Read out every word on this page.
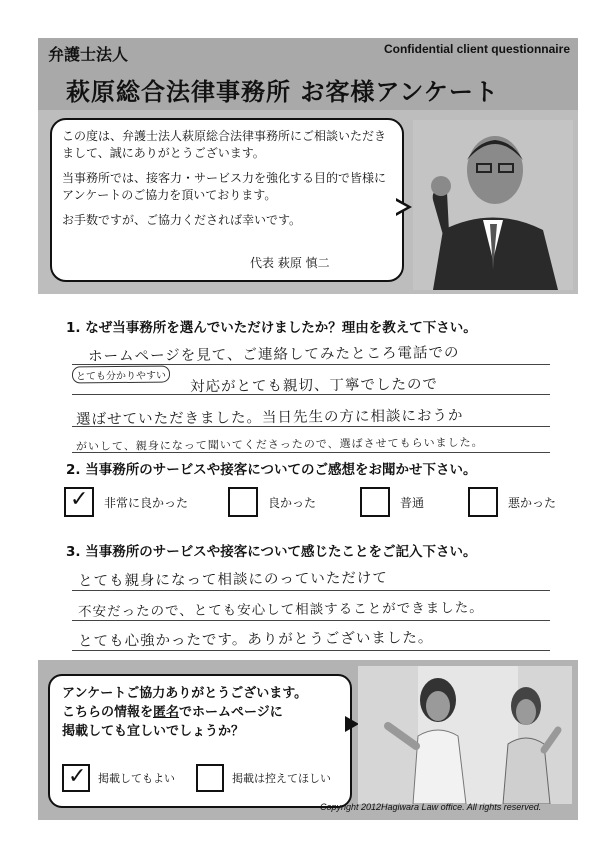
弁護士法人	Confidential client questionnaire
萩原総合法律事務所 お客様アンケート

この度は、弁護士法人萩原総合法律事務所にご相談いただきまして、誠にありがとうございます。

当事務所では、接客力・サービス力を強化する目的で皆様にアンケートのご協力を頂いております。

お手数ですが、ご協力くだされば幸いです。

代表 萩原 慎二
1. なぜ当事務所を選んでいただけましたか？理由を教えて下さい。
ホームページを見て、ご連絡してみたところ電話での
とても分かりやすい
対応がとても親切、丁寧でしたので
選ばせていただきました。当日先生の方に相談におうか
がいして、親身になって聞いてくださったので、選ばさせてもらいました。
2. 当事務所のサービスや接客についてのご感想をお聞かせ下さい。
✓ 非常に良かった	良かった	普通	悪かった
3. 当事務所のサービスや接客について感じたことをご記入下さい。
とても親身になって相談にのっていただけて
不安だったので、とても安心して相談することができました。
とても心強かったです。ありがとうございました。
アンケートご協力ありがとうございます。
こちらの情報を匿名でホームページに
掲載しても宜しいでしょうか？
✓ 掲載してもよい	掲載は控えてほしい
Copyright 2012Hagiwara Law office. All rights reserved.
